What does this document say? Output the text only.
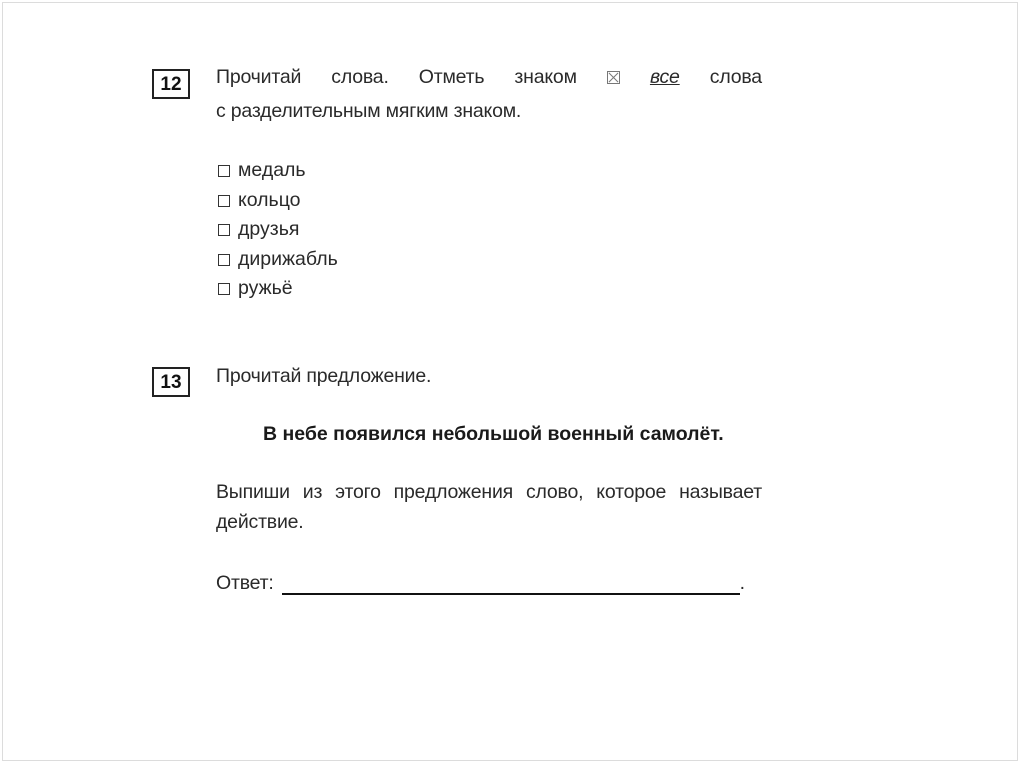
12	Прочитай слова. Отметь знаком	все слова
с разделительным мягким знаком.
медаль
кольцо
друзья
дирижабль
ружьё
13	Прочитай предложение.
В небе появился небольшой военный самолёт.
Выпиши из этого предложения слово, которое называет
действие.
Ответ:	.
